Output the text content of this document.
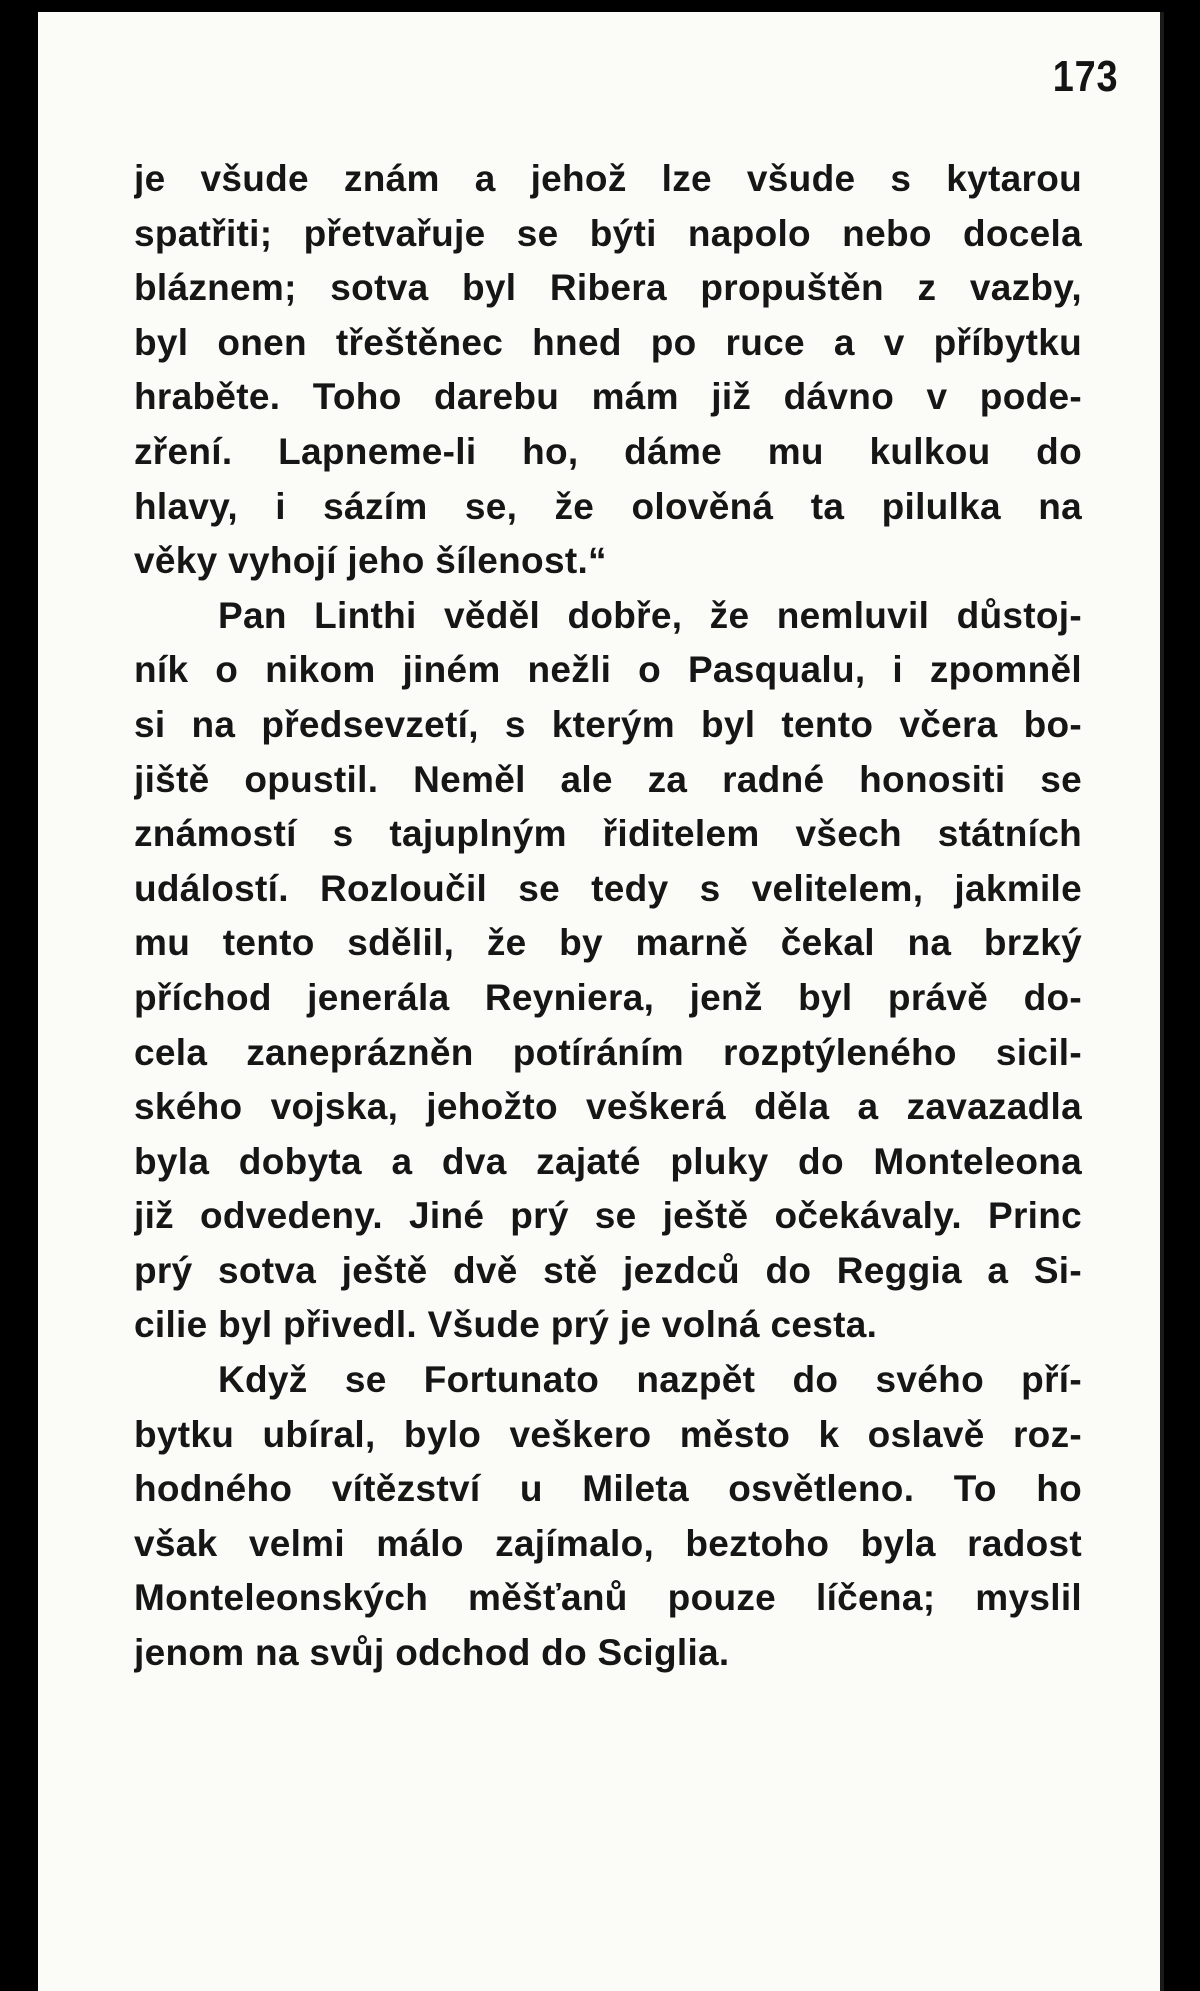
173
je všude znám a jehož lze všude s kytarou
spatřiti; přetvařuje se býti napolo nebo docela
bláznem; sotva byl Ribera propuštěn z vazby,
byl onen třeštěnec hned po ruce a v příbytku
hraběte. Toho darebu mám již dávno v pode-
zření. Lapneme-li ho, dáme mu kulkou do
hlavy, i sázím se, že olověná ta pilulka na
věky vyhojí jeho šílenost.“
Pan Linthi věděl dobře, že nemluvil důstoj-
ník o nikom jiném nežli o Pasqualu, i zpomněl
si na předsevzetí, s kterým byl tento včera bo-
jiště opustil. Neměl ale za radné honositi se
známostí s tajuplným řiditelem všech státních
událostí. Rozloučil se tedy s velitelem, jakmile
mu tento sdělil, že by marně čekal na brzký
příchod jenerála Reyniera, jenž byl právě do-
cela zaneprázněn potíráním rozptýleného sicil-
ského vojska, jehožto veškerá děla a zavazadla
byla dobyta a dva zajaté pluky do Monteleona
již odvedeny. Jiné prý se ještě očekávaly. Princ
prý sotva ještě dvě stě jezdců do Reggia a Si-
cilie byl přivedl. Všude prý je volná cesta.
Když se Fortunato nazpět do svého pří-
bytku ubíral, bylo veškero město k oslavě roz-
hodného vítězství u Mileta osvětleno. To ho
však velmi málo zajímalo, beztoho byla radost
Monteleonských měšťanů pouze líčena; myslil
jenom na svůj odchod do Sciglia.
